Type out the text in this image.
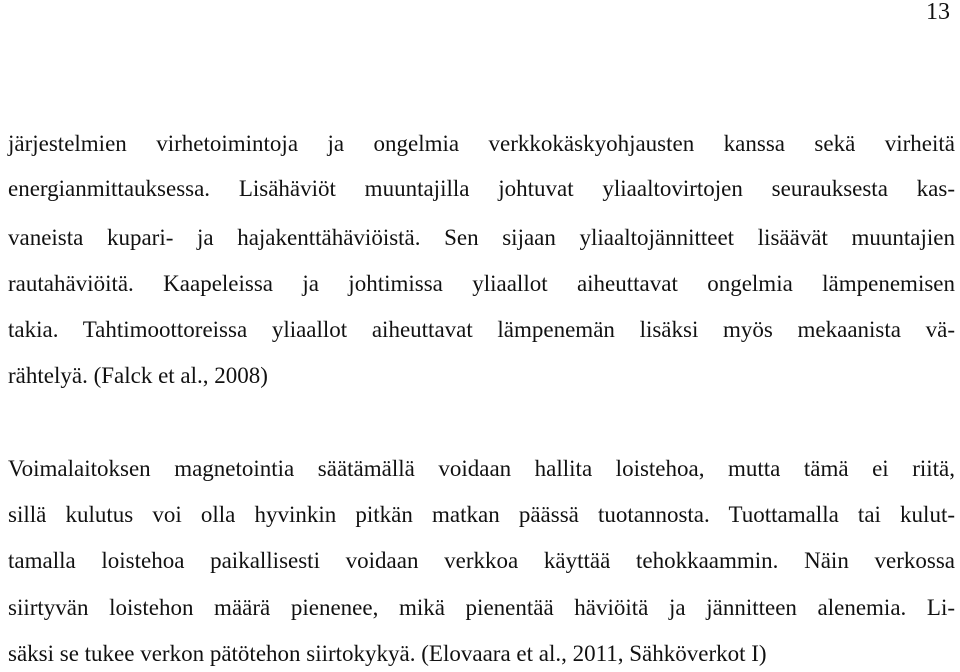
13
järjestelmien virhetoimintoja ja ongelmia verkkokäskyohjausten kanssa sekä virheitä
energianmittauksessa. Lisähäviöt muuntajilla johtuvat yliaaltovirtojen seurauksesta kas-
vaneista kupari- ja hajakenttähäviöistä. Sen sijaan yliaaltojännitteet lisäävät muuntajien
rautahäviöitä. Kaapeleissa ja johtimissa yliaallot aiheuttavat ongelmia lämpenemisen
takia. Tahtimoottoreissa yliaallot aiheuttavat lämpenemän lisäksi myös mekaanista vä-
rähtelyä. (Falck et al., 2008)
Voimalaitoksen magnetointia säätämällä voidaan hallita loistehoa, mutta tämä ei riitä,
sillä kulutus voi olla hyvinkin pitkän matkan päässä tuotannosta. Tuottamalla tai kulut-
tamalla loistehoa paikallisesti voidaan verkkoa käyttää tehokkaammin. Näin verkossa
siirtyvän loistehon määrä pienenee, mikä pienentää häviöitä ja jännitteen alenemia. Li-
säksi se tukee verkon pätötehon siirtokykyä. (Elovaara et al., 2011, Sähköverkot I)
